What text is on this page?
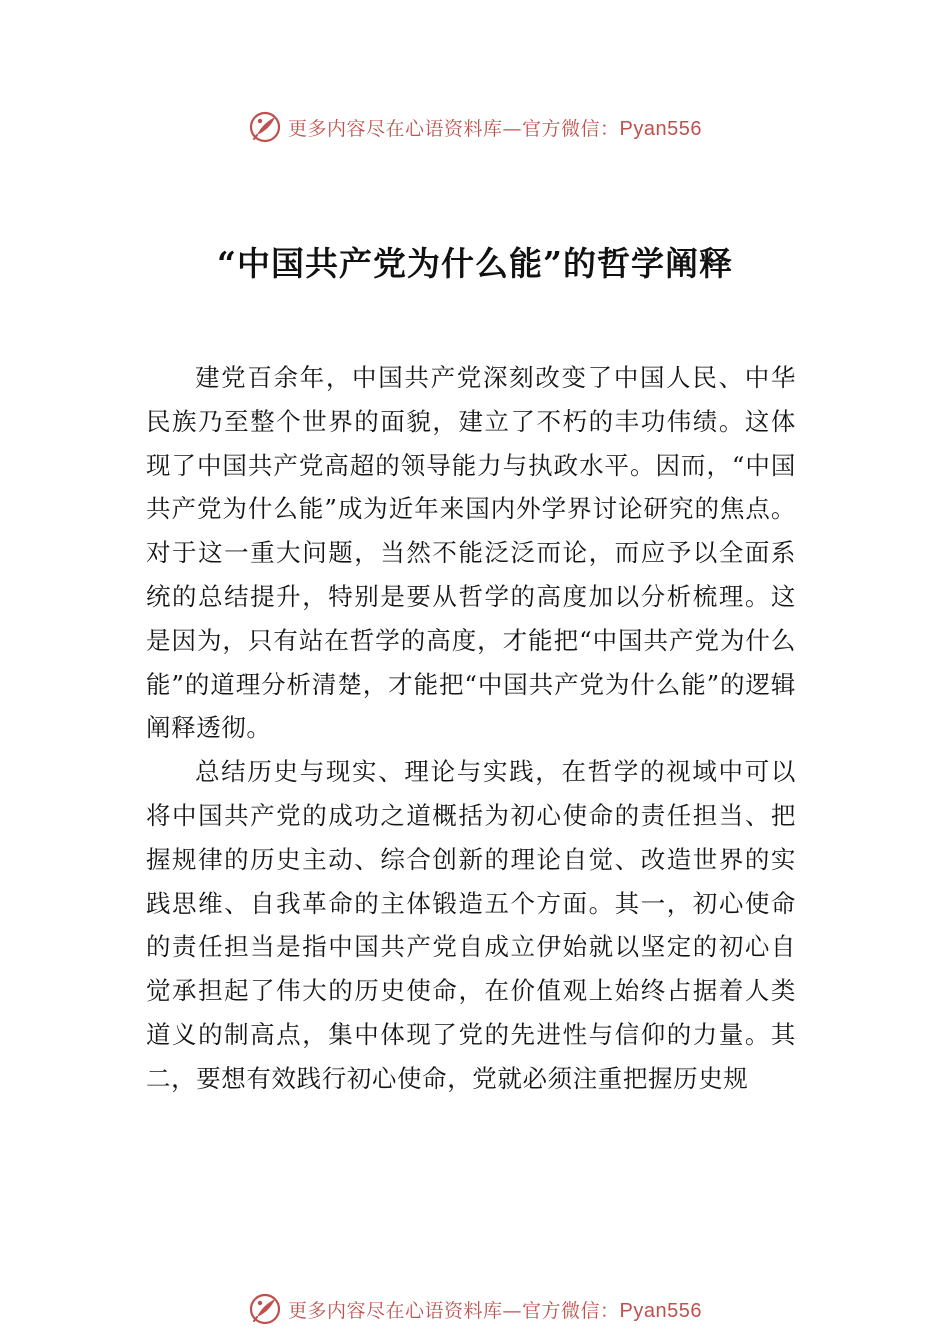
更多内容尽在心语资料库—官方微信：Pyan556
“中国共产党为什么能”的哲学阐释

建党百余年，中国共产党深刻改变了中国人民、中华民族乃至整个世界的面貌，建立了不朽的丰功伟绩。这体现了中国共产党高超的领导能力与执政水平。因而，“中国共产党为什么能”成为近年来国内外学界讨论研究的焦点。对于这一重大问题，当然不能泛泛而论，而应予以全面系统的总结提升，特别是要从哲学的高度加以分析梳理。这是因为，只有站在哲学的高度，才能把“中国共产党为什么能”的道理分析清楚，才能把“中国共产党为什么能”的逻辑阐释透彻。

总结历史与现实、理论与实践，在哲学的视域中可以将中国共产党的成功之道概括为初心使命的责任担当、把握规律的历史主动、综合创新的理论自觉、改造世界的实践思维、自我革命的主体锻造五个方面。其一，初心使命的责任担当是指中国共产党自成立伊始就以坚定的初心自觉承担起了伟大的历史使命，在价值观上始终占据着人类道义的制高点，集中体现了党的先进性与信仰的力量。其二，要想有效践行初心使命，党就必须注重把握历史规

更多内容尽在心语资料库—官方微信：Pyan556
